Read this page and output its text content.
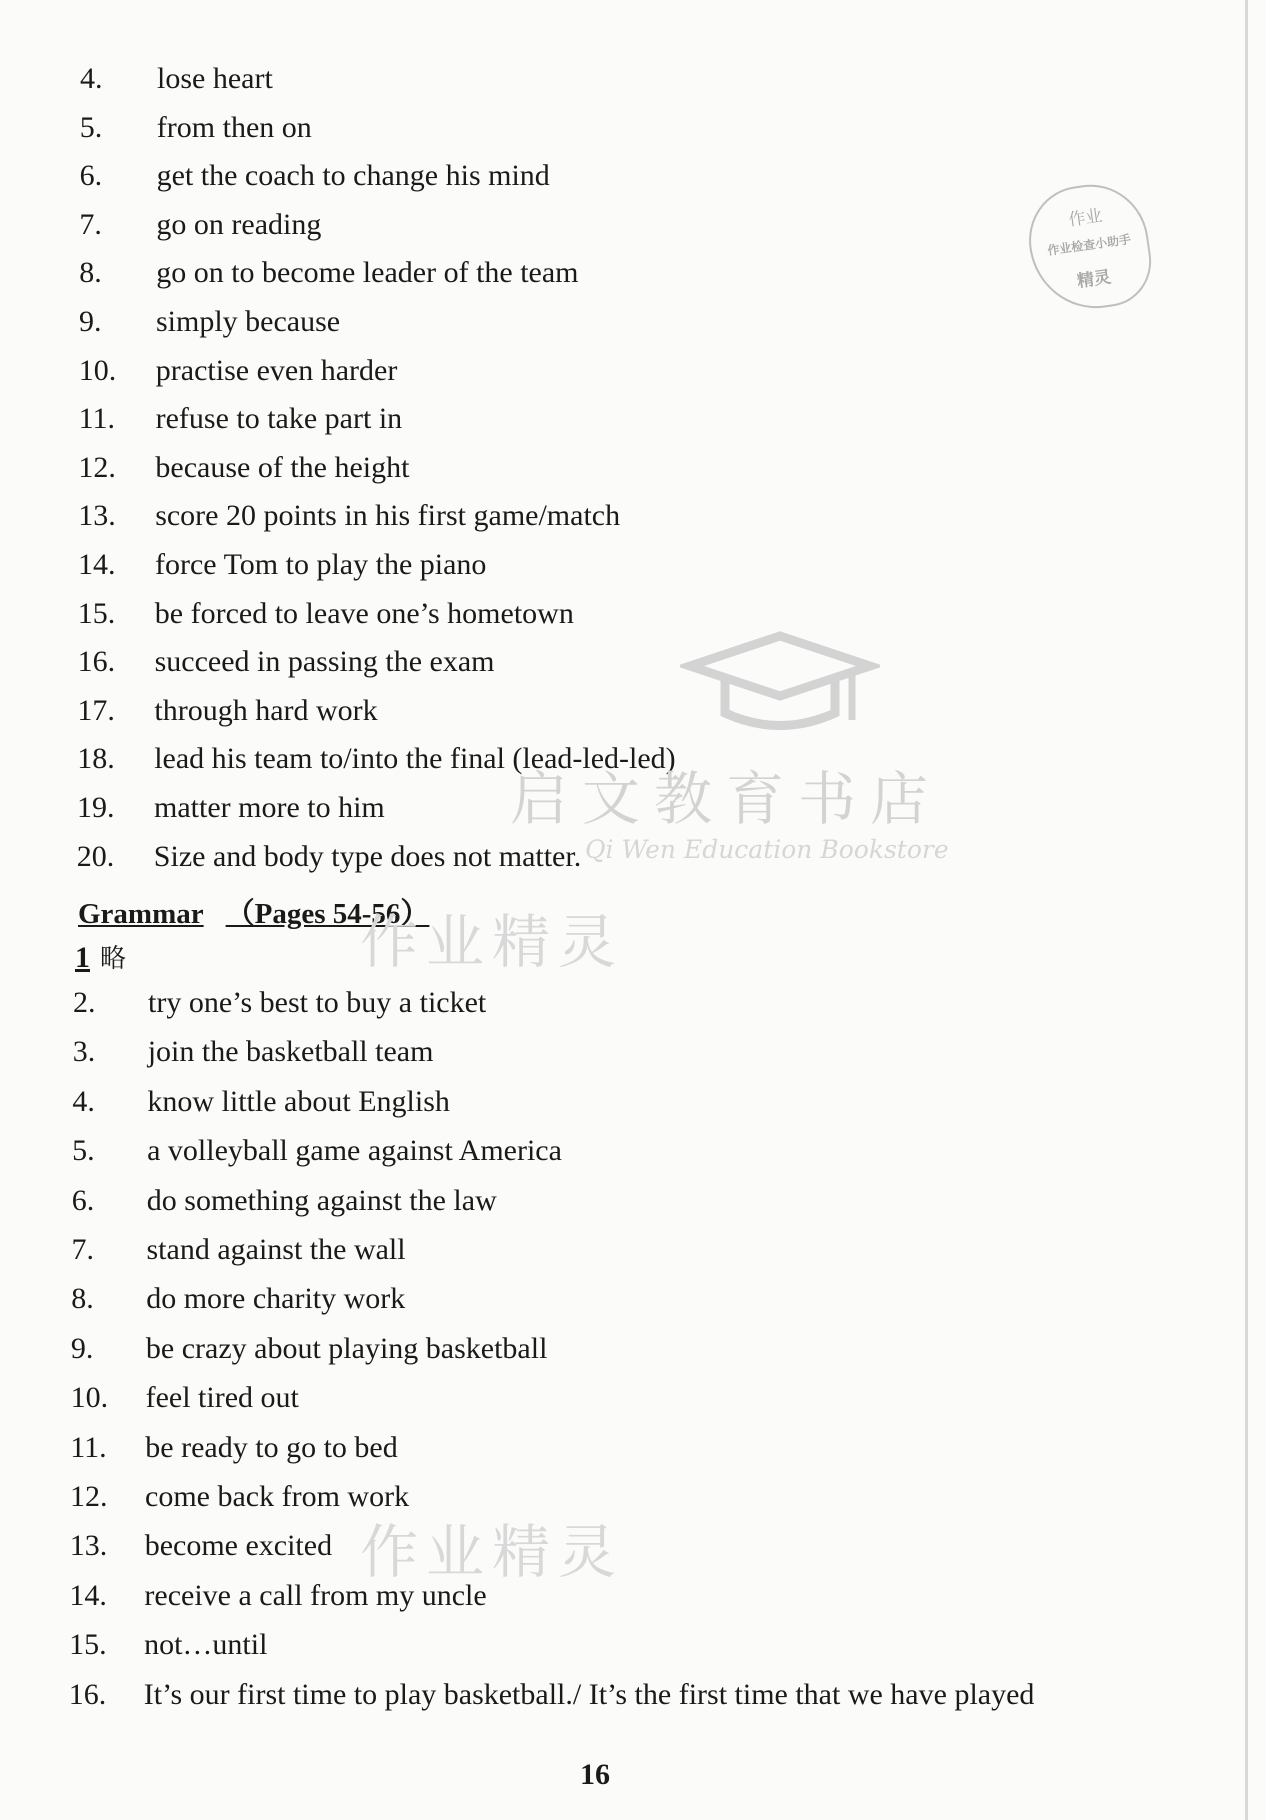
4. lose heart
5. from then on
6. get the coach to change his mind
7. go on reading
8. go on to become leader of the team
9. simply because
10. practise even harder
11. refuse to take part in
12. because of the height
13. score 20 points in his first game/match
14. force Tom to play the piano
15. be forced to leave one’s hometown
16. succeed in passing the exam
17. through hard work
18. lead his team to/into the final (lead-led-led)
19. matter more to him
20. Size and body type does not matter.
Grammar （Pages 54-56）
1 略
2. try one’s best to buy a ticket
3. join the basketball team
4. know little about English
5. a volleyball game against America
6. do something against the law
7. stand against the wall
8. do more charity work
9. be crazy about playing basketball
10. feel tired out
11. be ready to go to bed
12. come back from work
13. become excited
14. receive a call from my uncle
15. not…until
16. It’s our first time to play basketball./ It’s the first time that we have played
16
作业
作业检查小助手
精灵
启文教育书店
Qi Wen Education Bookstore
作业精灵
作业精灵
